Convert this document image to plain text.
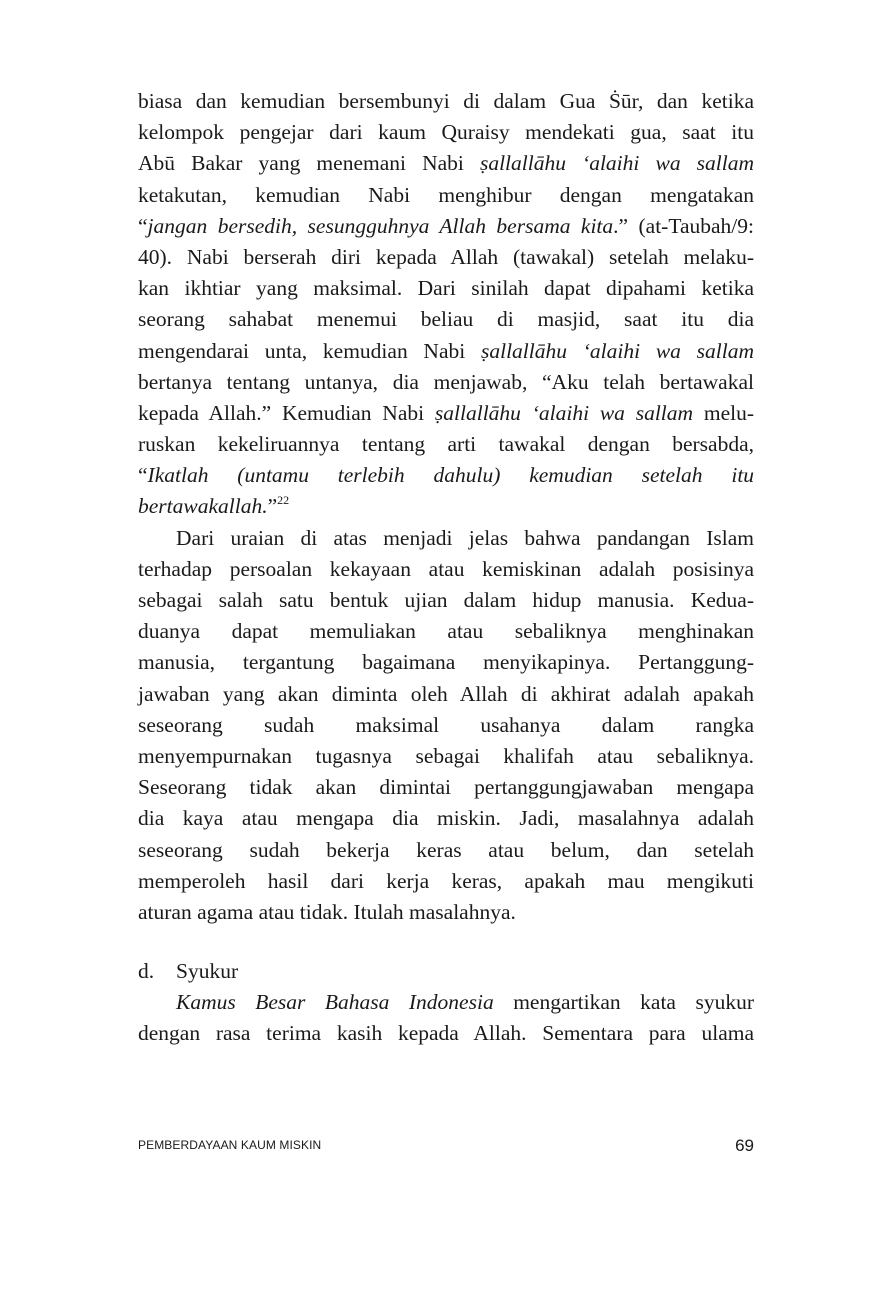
biasa dan kemudian bersembunyi di dalam Gua Ṡūr, dan ketika
kelompok pengejar dari kaum Quraisy mendekati gua, saat itu
Abū Bakar yang menemani Nabi ṣallallāhu ‘alaihi wa sallam
ketakutan, kemudian Nabi menghibur dengan mengatakan
“jangan bersedih, sesungguhnya Allah bersama kita.” (at-Taubah/9:
40). Nabi berserah diri kepada Allah (tawakal) setelah melaku-
kan ikhtiar yang maksimal. Dari sinilah dapat dipahami ketika
seorang sahabat menemui beliau di masjid, saat itu dia
mengendarai unta, kemudian Nabi ṣallallāhu ‘alaihi wa sallam
bertanya tentang untanya, dia menjawab, “Aku telah bertawakal
kepada Allah.” Kemudian Nabi ṣallallāhu ‘alaihi wa sallam melu-
ruskan kekeliruannya tentang arti tawakal dengan bersabda,
“Ikatlah (untamu terlebih dahulu) kemudian setelah itu
bertawakallah.”$^{22}$
Dari uraian di atas menjadi jelas bahwa pandangan Islam
terhadap persoalan kekayaan atau kemiskinan adalah posisinya
sebagai salah satu bentuk ujian dalam hidup manusia. Kedua-
duanya dapat memuliakan atau sebaliknya menghinakan
manusia, tergantung bagaimana menyikapinya. Pertanggung-
jawaban yang akan diminta oleh Allah di akhirat adalah apakah
seseorang sudah maksimal usahanya dalam rangka
menyempurnakan tugasnya sebagai khalifah atau sebaliknya.
Seseorang tidak akan dimintai pertanggungjawaban mengapa
dia kaya atau mengapa dia miskin. Jadi, masalahnya adalah
seseorang sudah bekerja keras atau belum, dan setelah
memperoleh hasil dari kerja keras, apakah mau mengikuti
aturan agama atau tidak. Itulah masalahnya.
d. Syukur
Kamus Besar Bahasa Indonesia mengartikan kata syukur
dengan rasa terima kasih kepada Allah. Sementara para ulama
PEMBERDAYAAN KAUM MISKIN	69
